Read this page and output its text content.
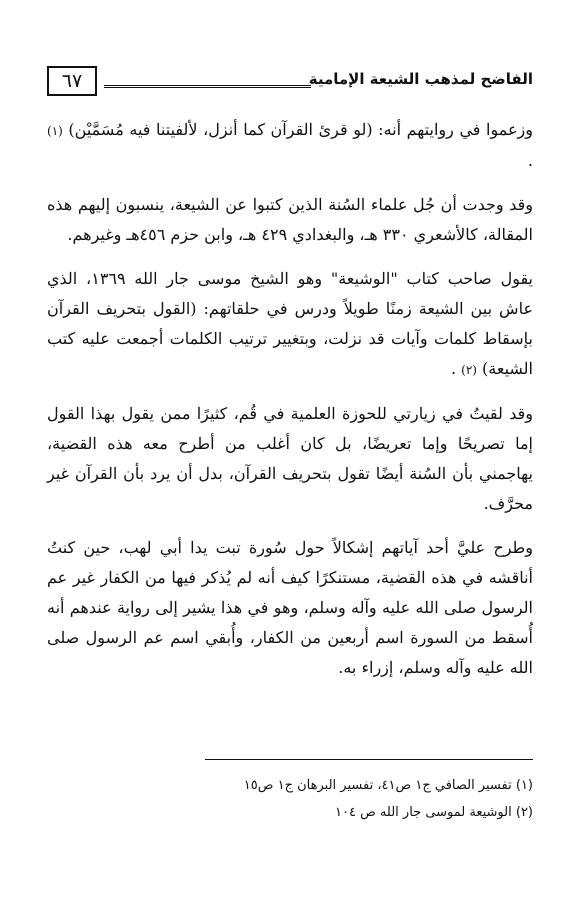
الفاضح لمذهب الشيعة الإمامية
٦٧

وزعموا في روايتهم أنه: (لو قرئ القرآن كما أنزل، لألفيتنا فيه مُسَمَّيْن) (١) .

وقد وجدت أن جُل علماء السُنة الذين كتبوا عن الشيعة، ينسبون إليهم هذه المقالة، كالأشعري ٣٣٠ هـ، والبغدادي ٤٢٩ هـ، وابن حزم ٤٥٦هـ وغيرهم.

يقول صاحب كتاب "الوشيعة" وهو الشيخ موسى جار الله ١٣٦٩، الذي عاش بين الشيعة زمنًا طويلاً ودرس في حلقاتهم: (القول بتحريف القرآن بإسقاط كلمات وآيات قد نزلت، وبتغيير ترتيب الكلمات أجمعت عليه كتب الشيعة) (٢) .

وقد لقيتُ في زيارتي للحوزة العلمية في قُم، كثيرًا ممن يقول بهذا القول إما تصريحًا وإما تعريضًا، بل كان أغلب من أطرح معه هذه القضية، يهاجمني بأن السُنة أيضًا تقول بتحريف القرآن، بدل أن يرد بأن القرآن غير محرَّف.

وطرح عليَّ أحد آياتهم إشكالاً حول سُورة تبت يدا أبي لهب، حين كنتُ أناقشه في هذه القضية، مستنكرًا كيف أنه لم يُذكر فيها من الكفار غير عم الرسول صلى الله عليه وآله وسلم، وهو في هذا يشير إلى رواية عندهم أنه أُسقط من السورة اسم أربعين من الكفار، وأُبقي اسم عم الرسول صلى الله عليه وآله وسلم، إزراء به.

(١) تفسير الصافي ج١ ص٤١، تفسير البرهان ج١ ص١٥
(٢) الوشيعة لموسى جار الله ص ١٠٤
